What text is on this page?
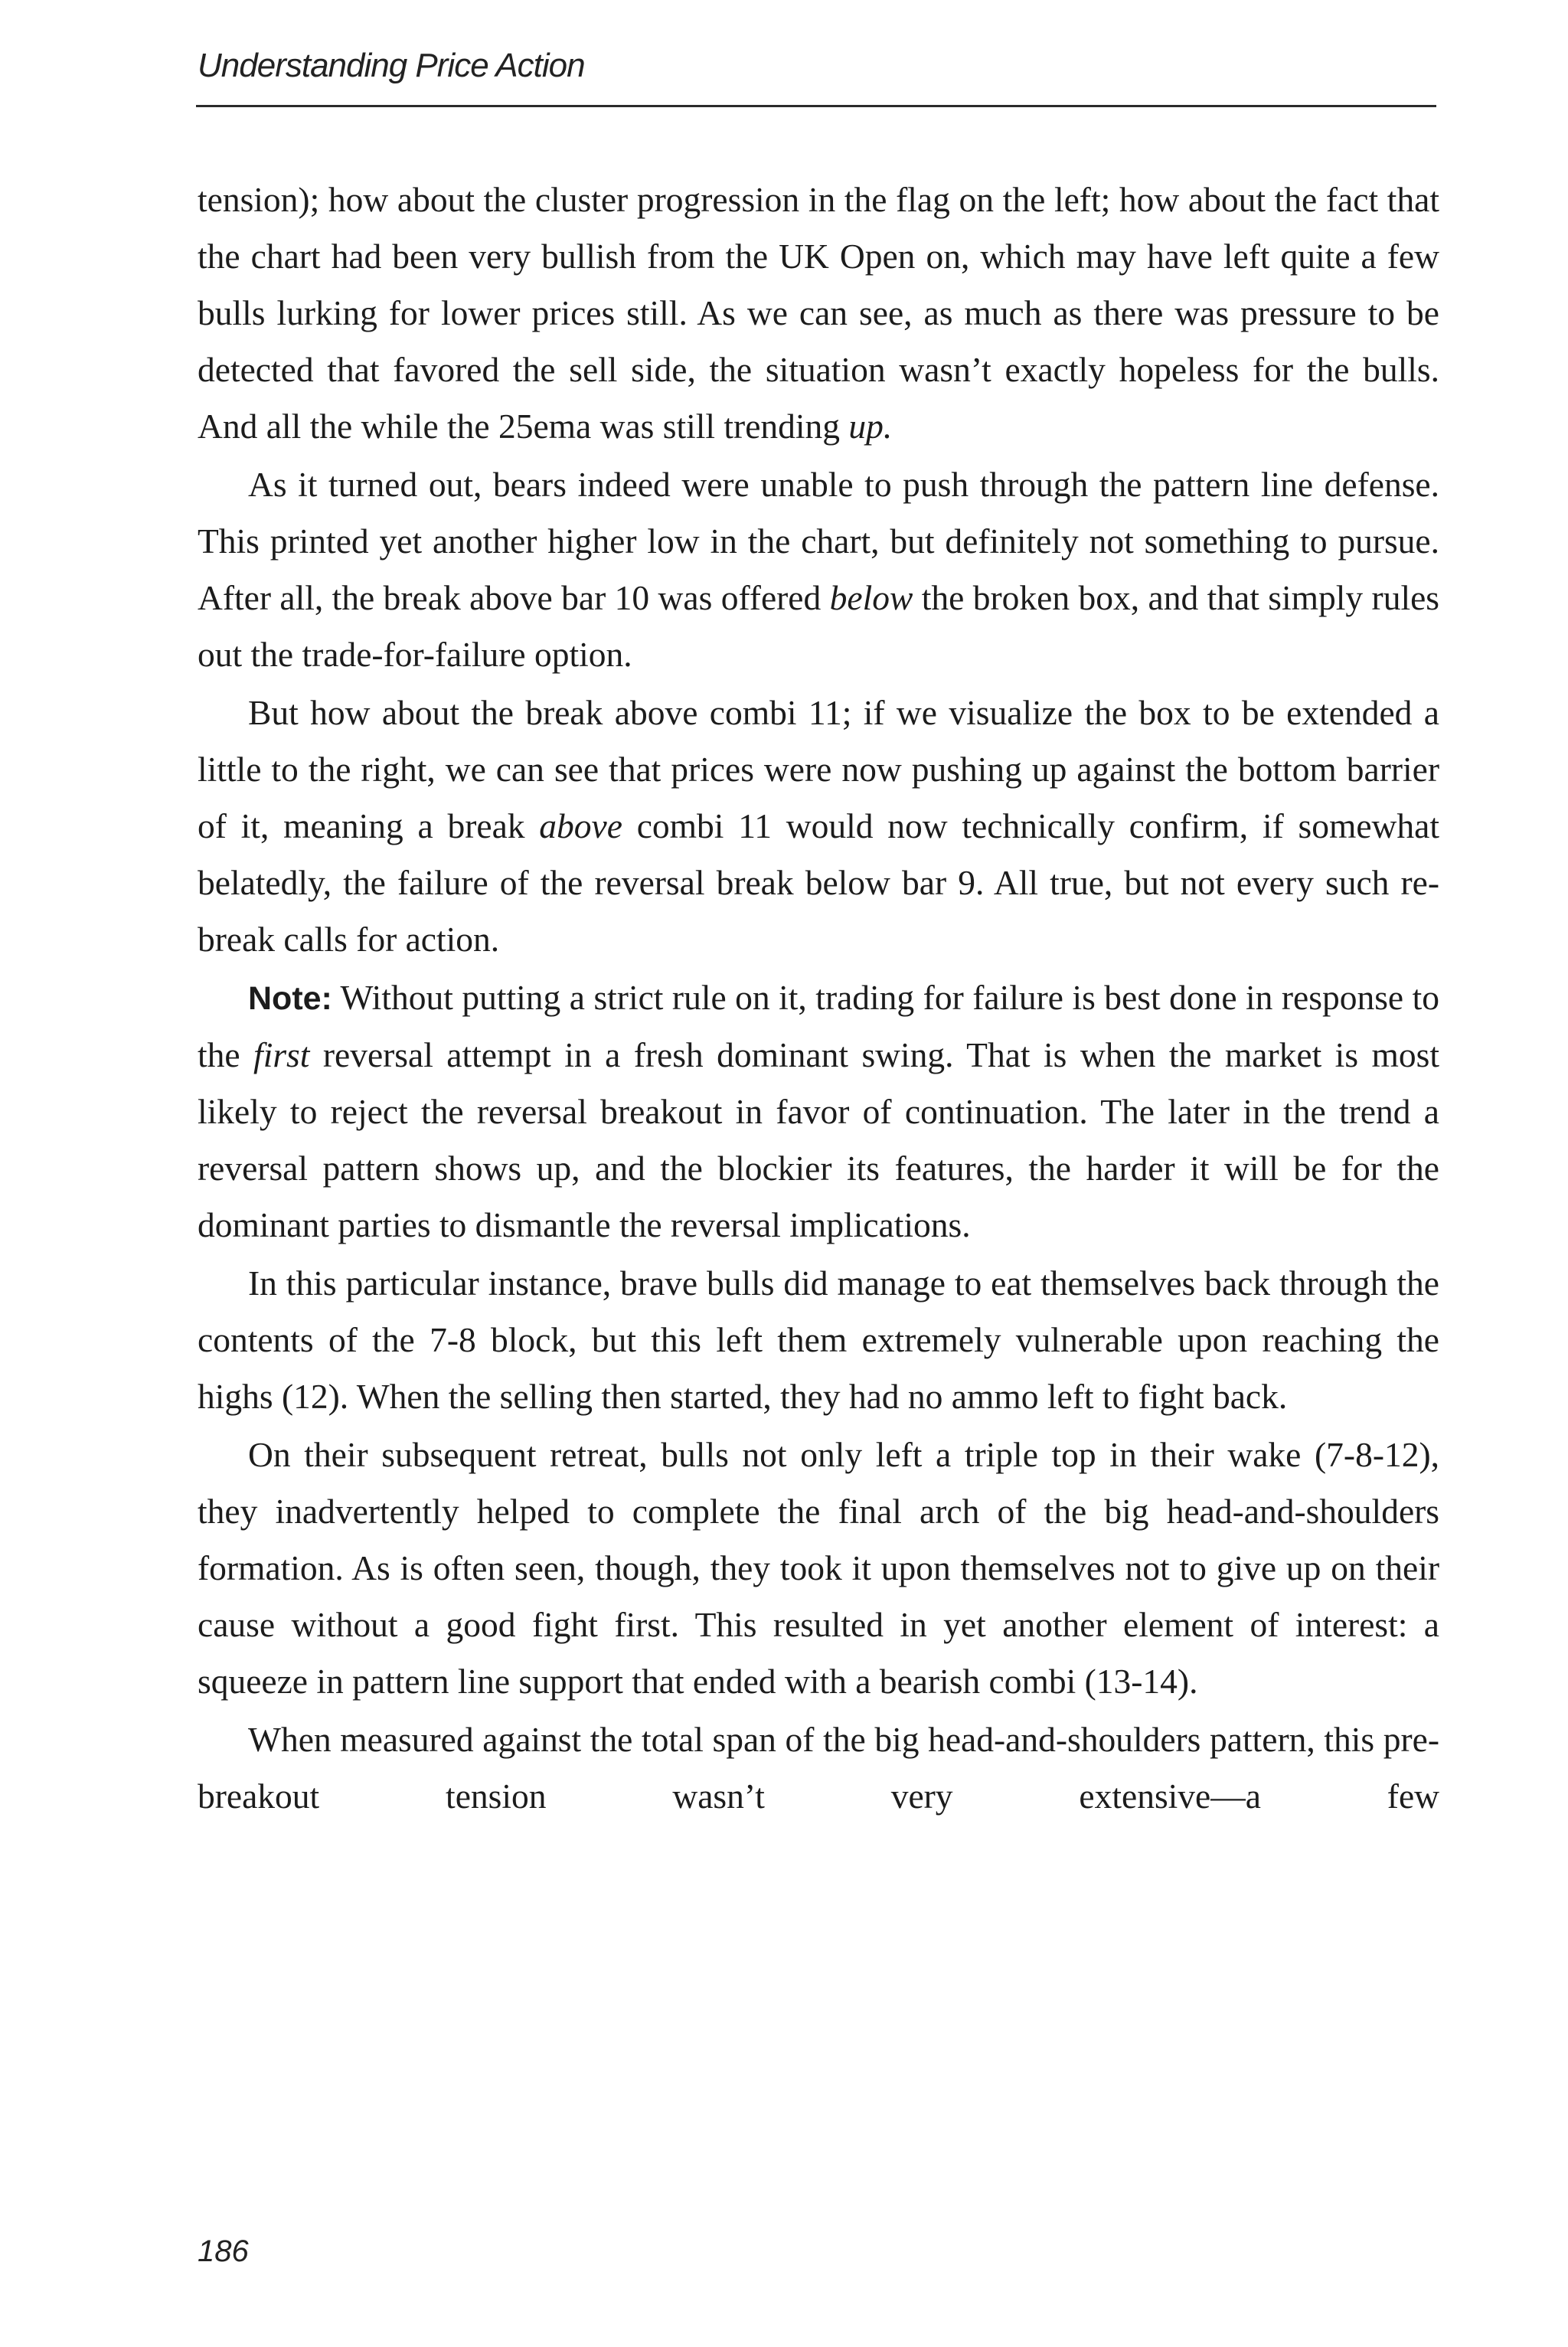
Understanding Price Action

tension); how about the cluster progression in the flag on the left; how about the fact that the chart had been very bullish from the UK Open on, which may have left quite a few bulls lurking for lower prices still. As we can see, as much as there was pressure to be detected that favored the sell side, the situation wasn’t exactly hopeless for the bulls. And all the while the 25ema was still trending up.

As it turned out, bears indeed were unable to push through the pattern line defense. This printed yet another higher low in the chart, but definitely not something to pursue. After all, the break above bar 10 was offered below the broken box, and that simply rules out the trade-for-failure option.

But how about the break above combi 11; if we visualize the box to be extended a little to the right, we can see that prices were now pushing up against the bottom barrier of it, meaning a break above combi 11 would now technically confirm, if somewhat belatedly, the failure of the reversal break below bar 9. All true, but not every such re-break calls for action.

Note: Without putting a strict rule on it, trading for failure is best done in response to the first reversal attempt in a fresh dominant swing. That is when the market is most likely to reject the reversal breakout in favor of continuation. The later in the trend a reversal pattern shows up, and the blockier its features, the harder it will be for the dominant parties to dismantle the reversal implications.

In this particular instance, brave bulls did manage to eat themselves back through the contents of the 7-8 block, but this left them extremely vulnerable upon reaching the highs (12). When the selling then started, they had no ammo left to fight back.

On their subsequent retreat, bulls not only left a triple top in their wake (7-8-12), they inadvertently helped to complete the final arch of the big head-and-shoulders formation. As is often seen, though, they took it upon themselves not to give up on their cause without a good fight first. This resulted in yet another element of interest: a squeeze in pattern line support that ended with a bearish combi (13-14).

When measured against the total span of the big head-and-shoulders pattern, this pre-breakout tension wasn’t very extensive—a few

186
